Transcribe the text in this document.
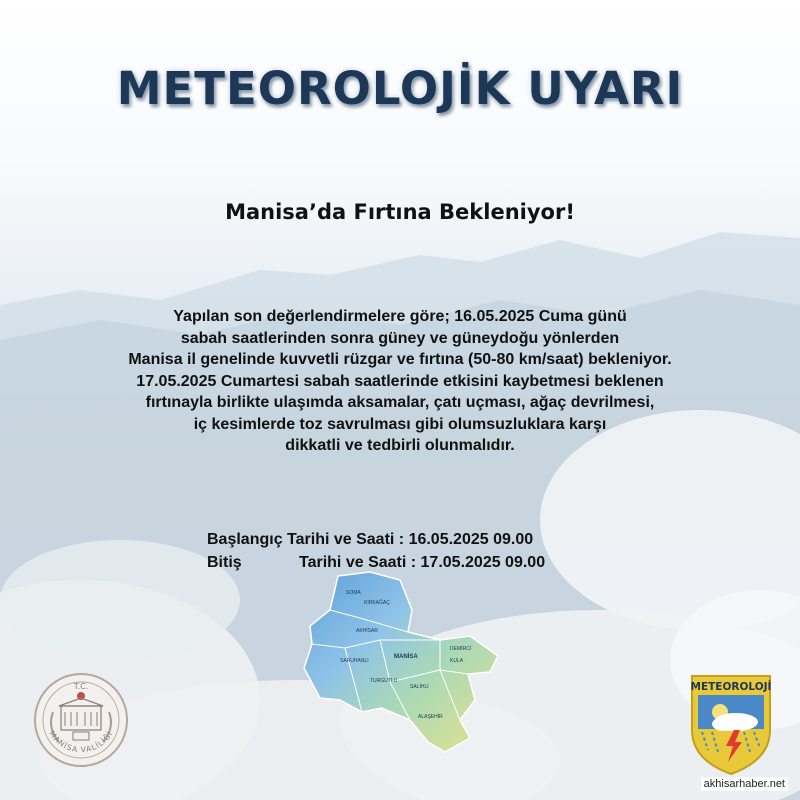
METEOROLOJİK UYARI
Manisa’da Fırtına Bekleniyor!
Yapılan son değerlendirmelere göre; 16.05.2025 Cuma günü
sabah saatlerinden sonra güney ve güneydoğu yönlerden
Manisa il genelinde kuvvetli rüzgar ve fırtına (50-80 km/saat) bekleniyor.
17.05.2025 Cumartesi sabah saatlerinde etkisini kaybetmesi beklenen
fırtınayla birlikte ulaşımda aksamalar, çatı uçması, ağaç devrilmesi,
iç kesimlerde toz savrulması gibi olumsuzluklara karşı
dikkatli ve tedbirli olunmalıdır.
Başlangıç Tarihi ve Saati :
16.05.2025 09.00
Bitiş	Tarihi ve Saati :
17.05.2025 09.00
SOMA
KIRKAĞAÇ
AKHİSAR
MANİSA
SARUHANLI
TURGUTLU
SALİHLİ
ALAŞEHİR
KULA
DEMİRCİ
T.C.
MANİSA VALİLİĞİ
METEOROLOJİ
akhisarhaber.net
